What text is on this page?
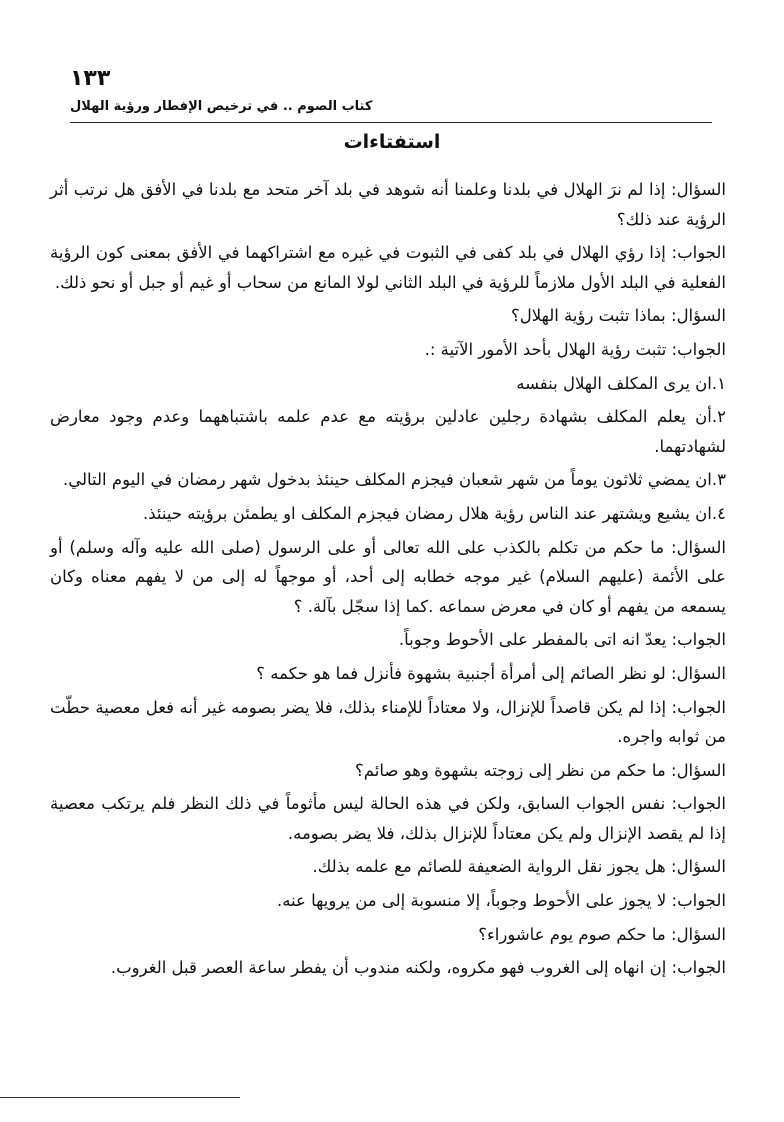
١٣٣
كتاب الصوم .. في ترخيص الإفطار ورؤية الهلال
استفتاءات

السؤال: إذا لم نرَ الهلال في بلدنا وعلمنا أنه شوهد في بلد آخر متحد مع بلدنا في الأفق هل نرتب أثر الرؤية عند ذلك؟

الجواب: إذا رؤي الهلال في بلد كفى في الثبوت في غيره مع اشتراكهما في الأفق بمعنى كون الرؤية الفعلية في البلد الأول ملازماً للرؤية في البلد الثاني لولا المانع من سحاب أو غيم أو جبل أو نحو ذلك.

السؤال: بماذا تثبت رؤية الهلال؟

الجواب: تثبت رؤية الهلال بأحد الأمور الآتية :.

١.ان يرى المكلف الهلال بنفسه

٢.أن يعلم المكلف بشهادة رجلين عادلين برؤيته مع عدم علمه باشتباههما وعدم وجود معارض لشهادتهما.

٣.ان يمضي ثلاثون يوماً من شهر شعبان فيجزم المكلف حينئذ بدخول شهر رمضان في اليوم التالي.

٤.ان يشيع ويشتهر عند الناس رؤية هلال رمضان فيجزم المكلف او يطمئن برؤيته حينئذ.

السؤال: ما حكم من تكلم بالكذب على الله تعالى أو على الرسول (صلى الله عليه وآله وسلم) أو على الأئمة (عليهم السلام) غير موجه خطابه إلى أحد، أو موجهاً له إلى من لا يفهم معناه وكان يسمعه من يفهم أو كان في معرض سماعه .كما إذا سجّل بآلة. ؟

الجواب: يعدّ انه اتى بالمفطر على الأحوط وجوباً.

السؤال: لو نظر الصائم إلى أمرأة أجنبية بشهوة فأنزل فما هو حكمه ؟

الجواب: إذا لم يكن قاصداً للإنزال، ولا معتاداً للإمناء بذلك، فلا يضر بصومه غير أنه فعل معصية حطّت من ثوابه واجره.

السؤال: ما حكم من نظر إلى زوجته بشهوة وهو صائم؟

الجواب: نفس الجواب السابق، ولكن في هذه الحالة ليس مأثوماً في ذلك النظر فلم يرتكب معصية إذا لم يقصد الإنزال ولم يكن معتاداً للإنزال بذلك، فلا يضر بصومه.

السؤال: هل يجوز نقل الرواية الضعيفة للصائم مع علمه بذلك.

الجواب: لا يجوز على الأحوط وجوباً، إلا منسوبة إلى من يرويها عنه.

السؤال: ما حكم صوم يوم عاشوراء؟

الجواب: إن انهاه إلى الغروب فهو مكروه، ولكنه مندوب أن يفطر ساعة العصر قبل الغروب.
